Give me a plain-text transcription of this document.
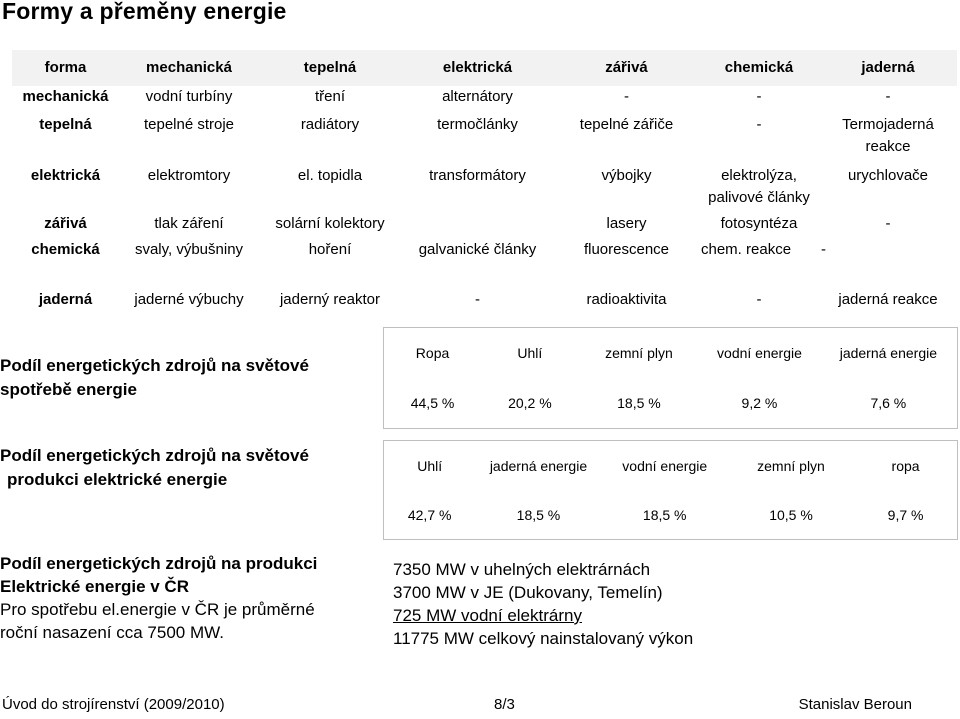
Formy a přeměny energie
forma	mechanická	tepelná	elektrická	zářivá	chemická	jaderná
mechanická	vodní turbíny	tření	alternátory	-	-	-
tepelná	tepelné stroje	radiátory	termočlánky	tepelné zářiče	-	Termojaderná reakce
elektrická	elektromtory	el. topidla	transformátory	výbojky	elektrolýza, palivové články	urychlovače
zářivá	tlak záření	solární kolektory		lasery	fotosyntéza	-
chemická	svaly, výbušniny	hoření	galvanické články	fluorescence	chem. reakce	-
jaderná	jaderné výbuchy	jaderný reaktor	-	radioaktivita	-	jaderná reakce
Podíl energetických zdrojů na světové
spotřebě energie
Ropa	Uhlí	zemní plyn	vodní energie	jaderná energie
44,5 %	20,2 %	18,5 %	9,2 %	7,6 %
Podíl energetických zdrojů na světové
produkci elektrické energie
Uhlí	jaderná energie	vodní energie	zemní plyn	ropa
42,7 %	18,5 %	18,5 %	10,5 %	9,7 %
Podíl energetických zdrojů na produkci
Elektrické energie v ČR
Pro spotřebu el.energie v ČR je průměrné
roční nasazení cca 7500 MW.
7350 MW v uhelných elektrárnách
3700 MW v JE (Dukovany, Temelín)
725 MW vodní elektrárny
11775 MW celkový nainstalovaný výkon
Úvod do strojírenství (2009/2010)	8/3	Stanislav Beroun
